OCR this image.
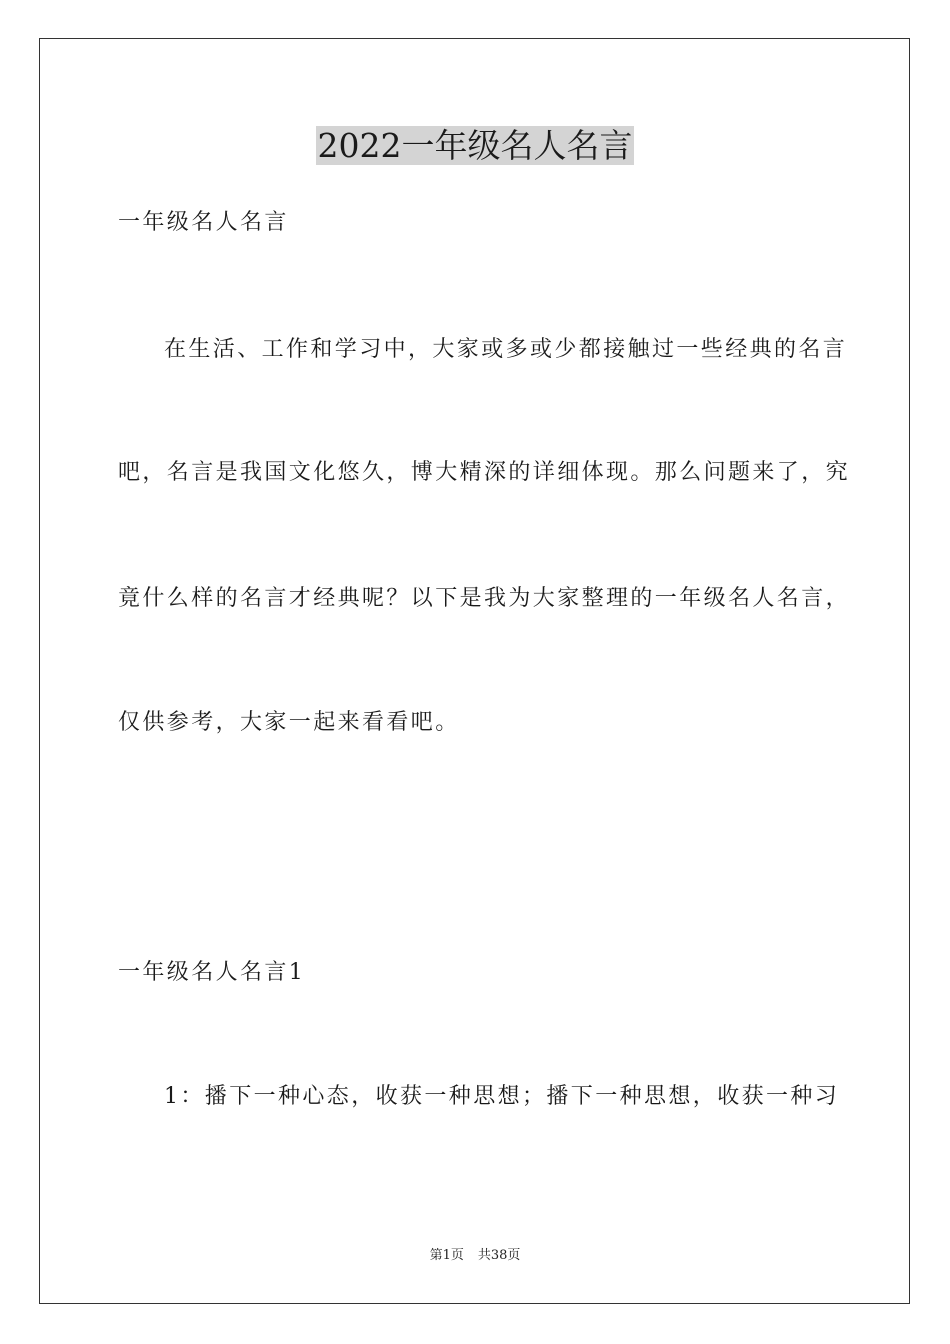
2022一年级名人名言
一年级名人名言
在生活、工作和学习中，大家或多或少都接触过一些经典的名言
吧，名言是我国文化悠久，博大精深的详细体现。那么问题来了，究
竟什么样的名言才经典呢？以下是我为大家整理的一年级名人名言，
仅供参考，大家一起来看看吧。
一年级名人名言1
1：播下一种心态，收获一种思想；播下一种思想，收获一种习
第1页 共38页
